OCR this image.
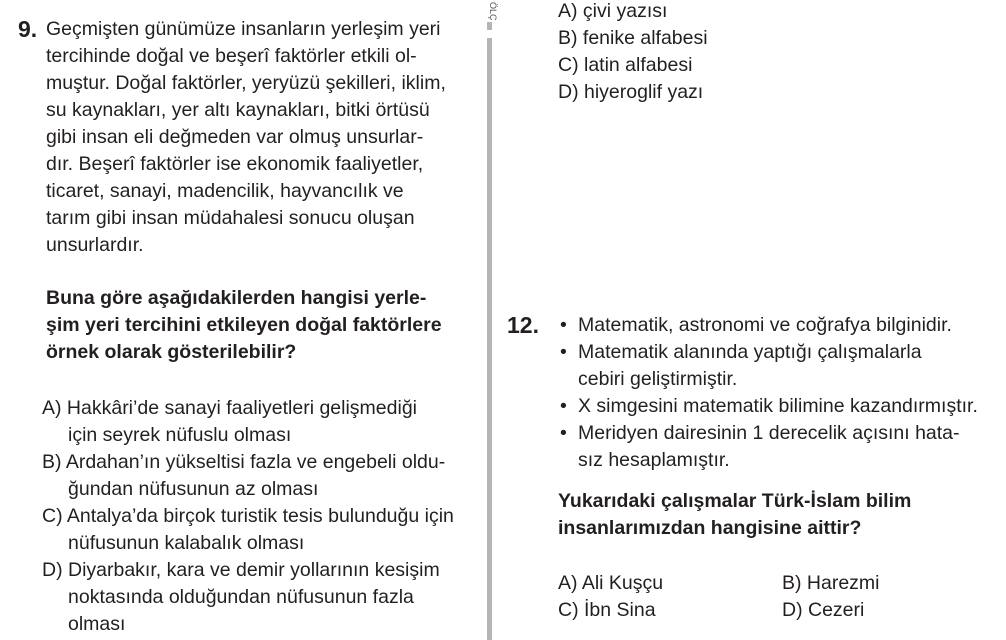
9. Geçmişten günümüze insanların yerleşim yeri
tercihinde doğal ve beşerî faktörler etkili ol-
muştur. Doğal faktörler, yeryüzü şekilleri, iklim,
su kaynakları, yer altı kaynakları, bitki örtüsü
gibi insan eli değmeden var olmuş unsurlar-
dır. Beşerî faktörler ise ekonomik faaliyetler,
ticaret, sanayi, madencilik, hayvancılık ve
tarım gibi insan müdahalesi sonucu oluşan
unsurlardır.
Buna göre aşağıdakilerden hangisi yerle-
şim yeri tercihini etkileyen doğal faktörlere
örnek olarak gösterilebilir?
A) Hakkâri’de sanayi faaliyetleri gelişmediği
için seyrek nüfuslu olması
B) Ardahan’ın yükseltisi fazla ve engebeli oldu-
ğundan nüfusunun az olması
C) Antalya’da birçok turistik tesis bulunduğu için
nüfusunun kalabalık olması
D) Diyarbakır, kara ve demir yollarının kesişim
noktasında olduğundan nüfusunun fazla
olması
ÖLÇ	A) çivi yazısı
B) fenike alfabesi
C) latin alfabesi
D) hiyeroglif yazı
12. • Matematik, astronomi ve coğrafya bilginidir.
• Matematik alanında yaptığı çalışmalarla
cebiri geliştirmiştir.
• X simgesini matematik bilimine kazandırmıştır.
• Meridyen dairesinin 1 derecelik açısını hata-
sız hesaplamıştır.
Yukarıdaki çalışmalar Türk-İslam bilim
insanlarımızdan hangisine aittir?
A) Ali Kuşçu	B) Harezmi
C) İbn Sina	D) Cezeri
